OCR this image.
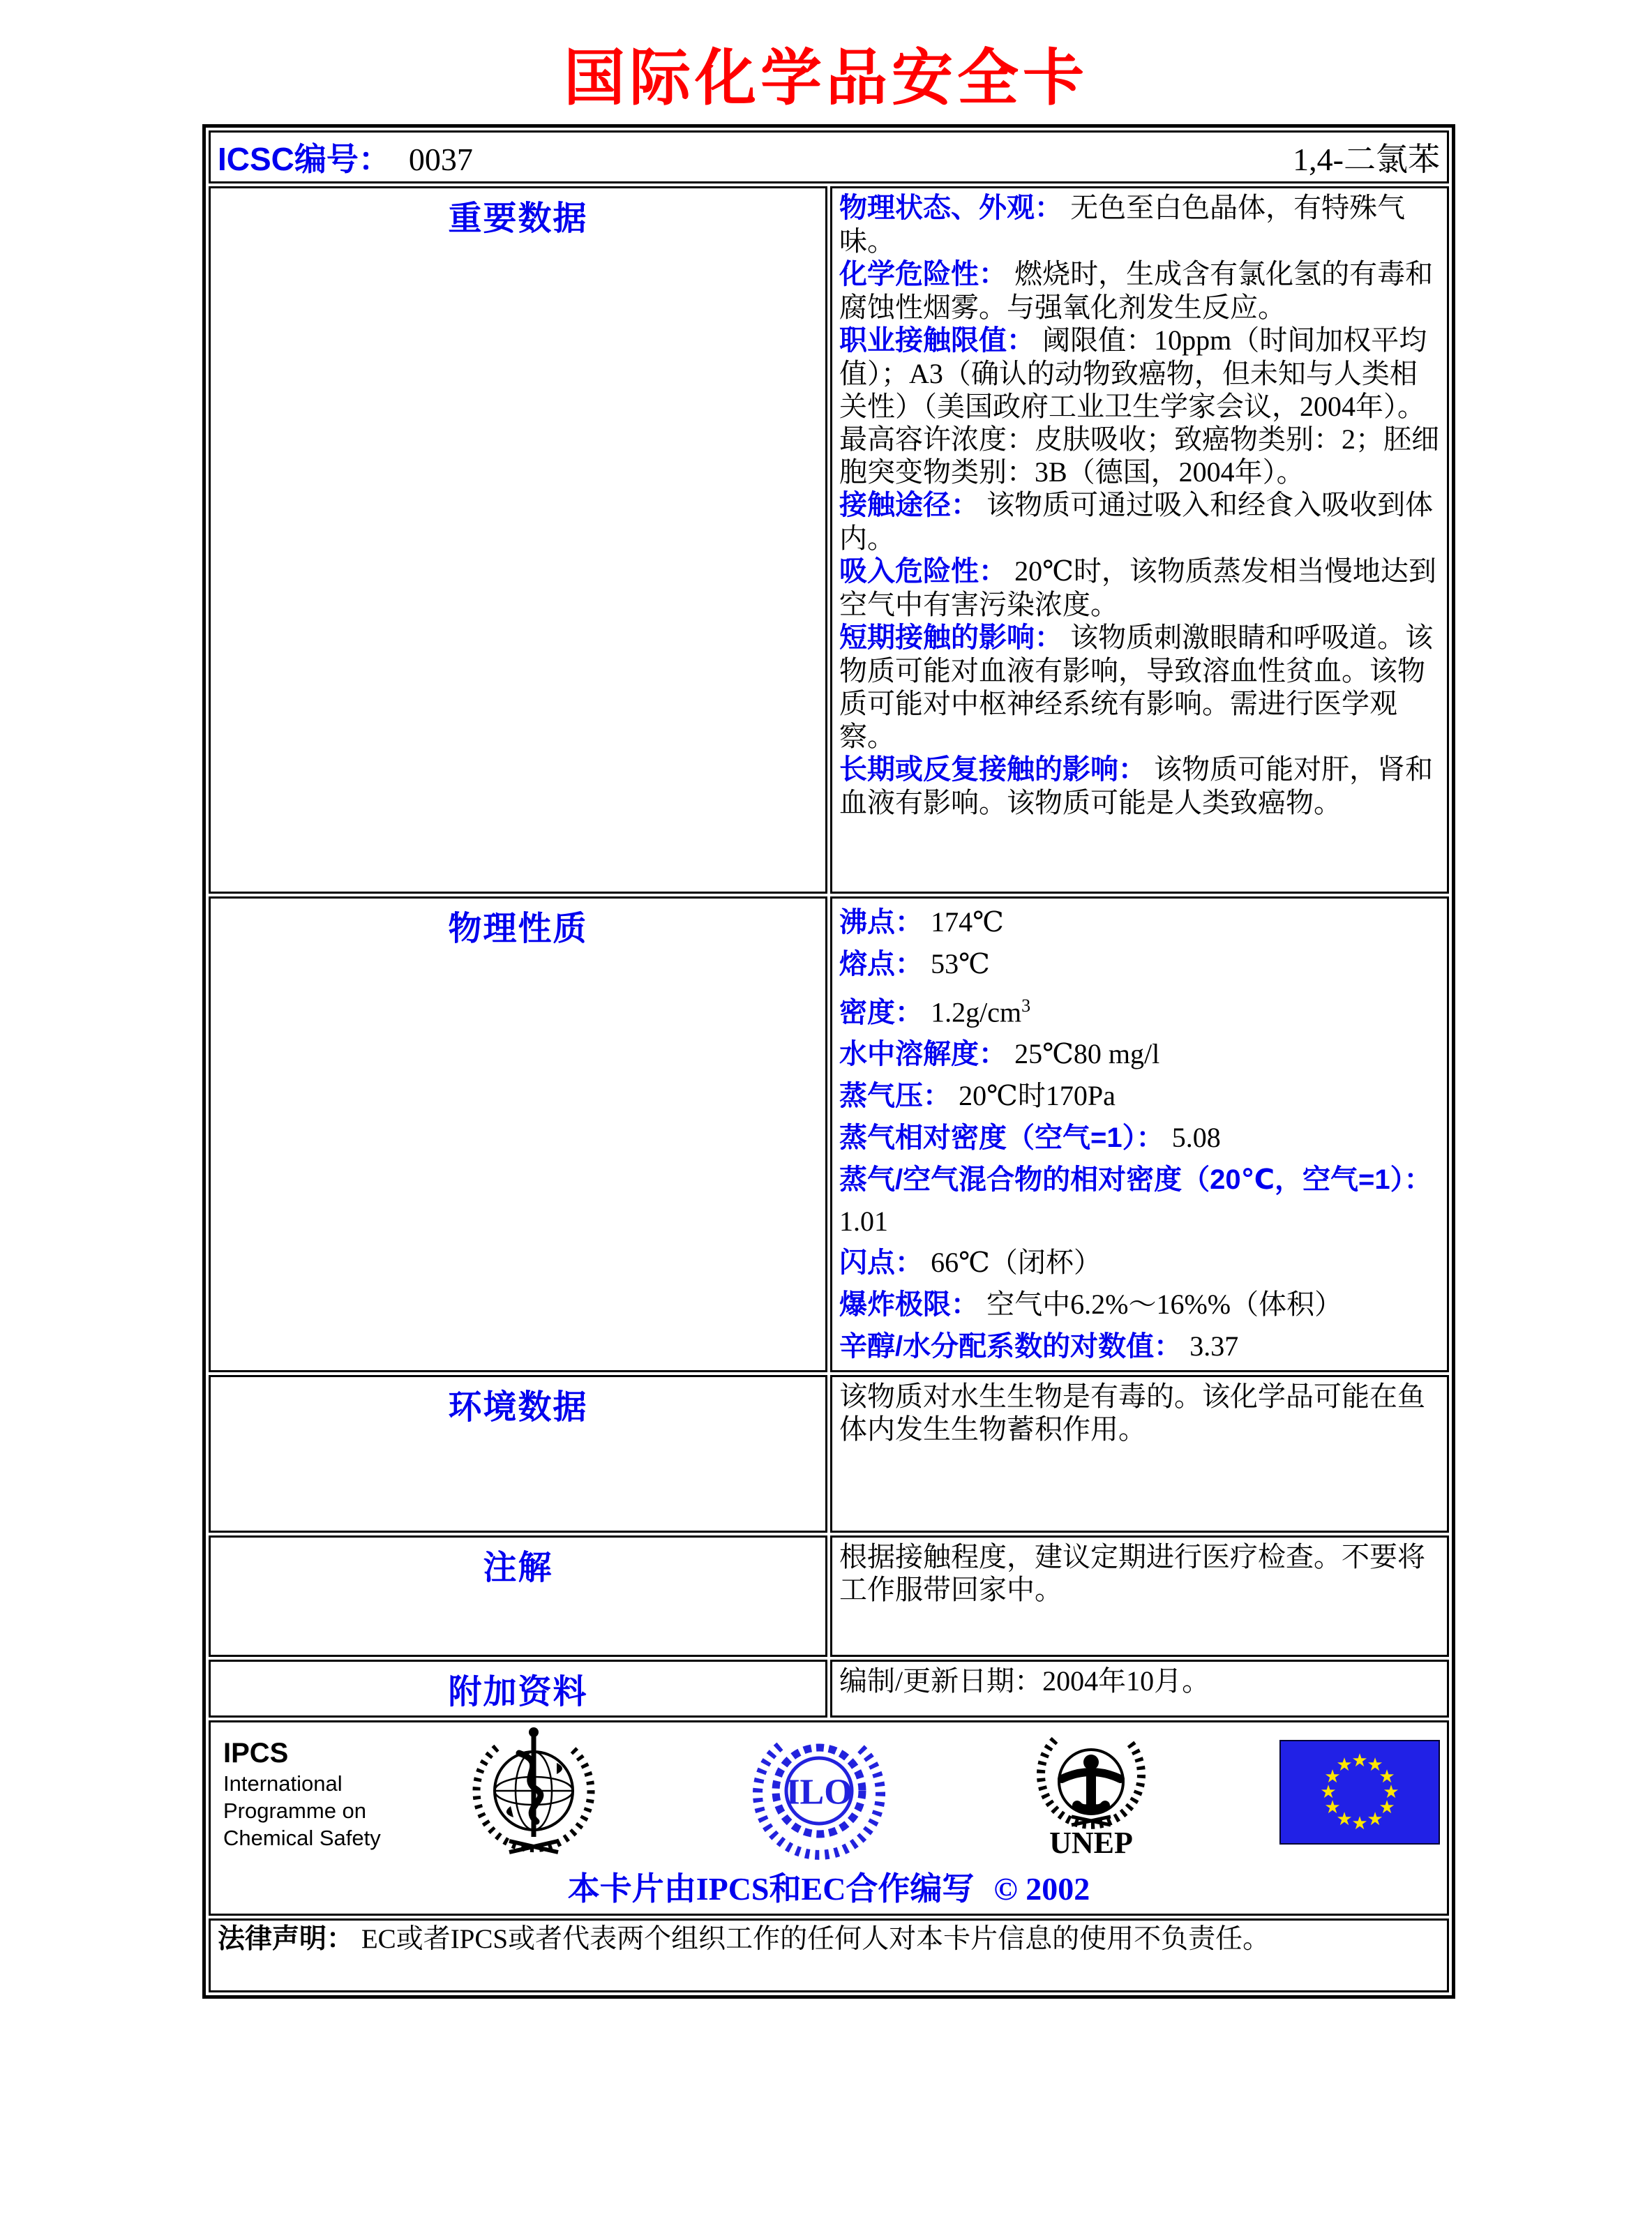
国际化学品安全卡
ICSC编号： 0037 1,4-二氯苯	

重要数据	物理状态、外观： 无色至白色晶体，有特殊气味。
化学危险性： 燃烧时，生成含有氯化氢的有毒和腐蚀性烟雾。与强氧化剂发生反应。
职业接触限值： 阈限值：10ppm（时间加权平均值）；A3（确认的动物致癌物，但未知与人类相关性）（美国政府工业卫生学家会议，2004年）。最高容许浓度：皮肤吸收；致癌物类别：2；胚细胞突变物类别：3B（德国，2004年）。
接触途径： 该物质可通过吸入和经食入吸收到体内。
吸入危险性： 20℃时，该物质蒸发相当慢地达到空气中有害污染浓度。
短期接触的影响： 该物质刺激眼睛和呼吸道。该物质可能对血液有影响，导致溶血性贫血。该物质可能对中枢神经系统有影响。需进行医学观察。
长期或反复接触的影响： 该物质可能对肝，肾和血液有影响。该物质可能是人类致癌物。

物理性质	沸点： 174℃
熔点： 53℃
密度： $1.2g/cm^3$
水中溶解度： 25℃80 mg/l
蒸气压： 20℃时170Pa
蒸气相对密度（空气=1）： 5.08
蒸气/空气混合物的相对密度（20℃，空气=1）：1.01
闪点： 66℃（闭杯）
爆炸极限： 空气中6.2%～16%%（体积）
辛醇/水分配系数的对数值： 3.37

环境数据	该物质对水生生物是有毒的。该化学品可能在鱼体内发生生物蓄积作用。

注解	根据接触程度，建议定期进行医疗检查。不要将工作服带回家中。

附加资料	编制/更新日期：2004年10月。

IPCS
International
Programme on
Chemical Safety
ILO
UNEP
★
★
★
★
★
★
★
★
★
★
★
★
本卡片由IPCS和EC合作编写 © 2002

法律声明： EC或者IPCS或者代表两个组织工作的任何人对本卡片信息的使用不负责任。	
